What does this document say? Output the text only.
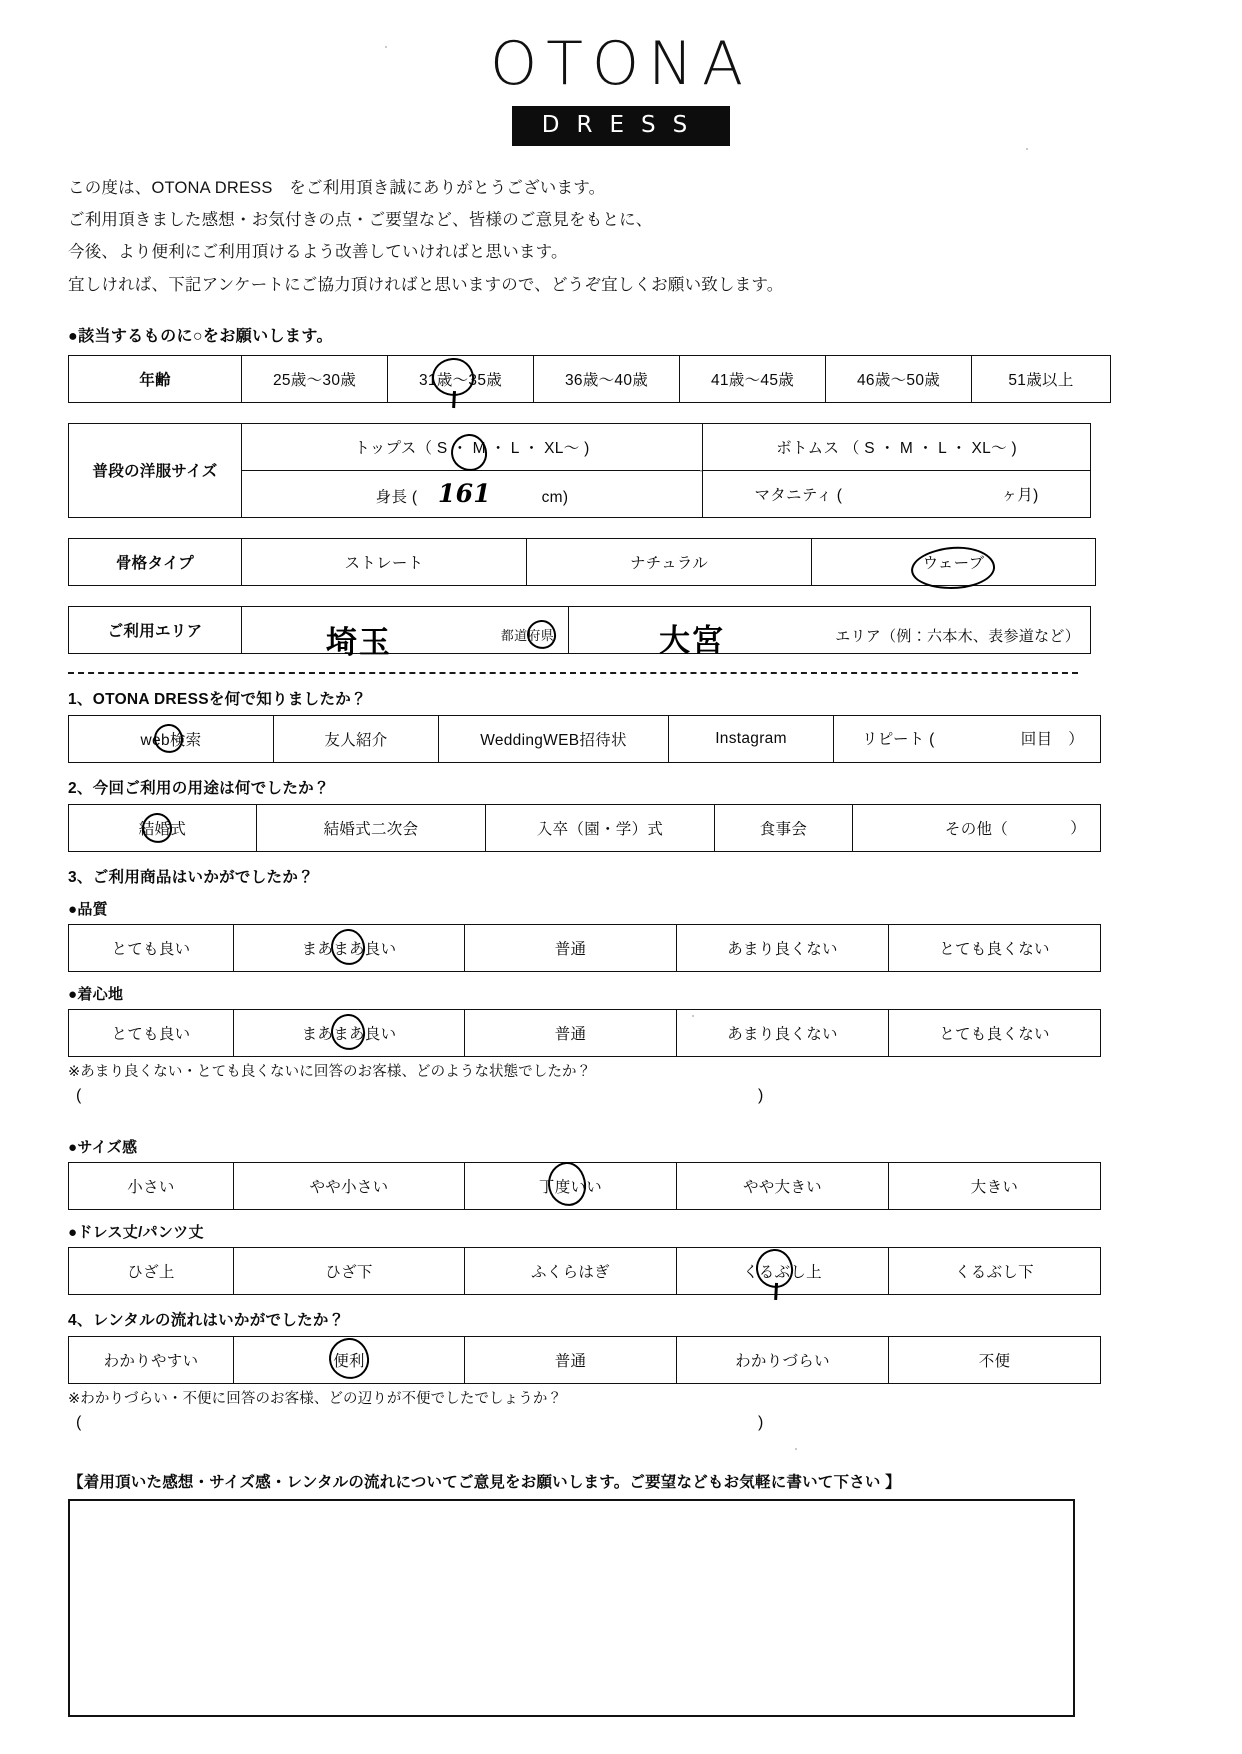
OTONA
DRESS
この度は、OTONA DRESS　をご利用頂き誠にありがとうございます。
ご利用頂きました感想・お気付きの点・ご要望など、皆様のご意見をもとに、
今後、より便利にご利用頂けるよう改善していければと思います。
宜しければ、下記アンケートにご協力頂ければと思いますので、どうぞ宜しくお願い致します。
●該当するものに○をお願いします。
年齢	25歳〜30歳	31歳〜35歳	36歳〜40歳	41歳〜45歳	46歳〜50歳	51歳以上
普段の洋服サイズ	トップス（ S ・ M ・ L ・ XL〜 )	ボトムス （ S ・ M ・ L ・ XL〜 )
	身長 ( 161 cm)	マタニティ ( ヶ月)
骨格タイプ	ストレート	ナチュラル	ウェーブ
ご利用エリア	埼玉	都道府県	大宮	エリア（例：六本木、表参道など）
1、OTONA DRESSを何で知りましたか？
web検索	友人紹介	WeddingWEB招待状	Instagram	リピート (	回目　）
2、今回ご利用の用途は何でしたか？
結婚式	結婚式二次会	入卒（園・学）式	食事会	その他（	）
3、ご利用商品はいかがでしたか？
●品質
とても良い	まあまあ良い	普通	あまり良くない	とても良くない
●着心地
とても良い	まあまあ良い	普通	あまり良くない	とても良くない
※あまり良くない・とても良くないに回答のお客様、どのような状態でしたか？
(	)
●サイズ感
小さい	やや小さい	丁度いい	やや大きい	大きい
●ドレス丈/パンツ丈
ひざ上	ひざ下	ふくらはぎ	くるぶし上	くるぶし下
4、レンタルの流れはいかがでしたか？
わかりやすい	便利	普通	わかりづらい	不便
※わかりづらい・不便に回答のお客様、どの辺りが不便でしたでしょうか？
(	)
【着用頂いた感想・サイズ感・レンタルの流れについてご意見をお願いします。ご要望などもお気軽に書いて下さい 】
